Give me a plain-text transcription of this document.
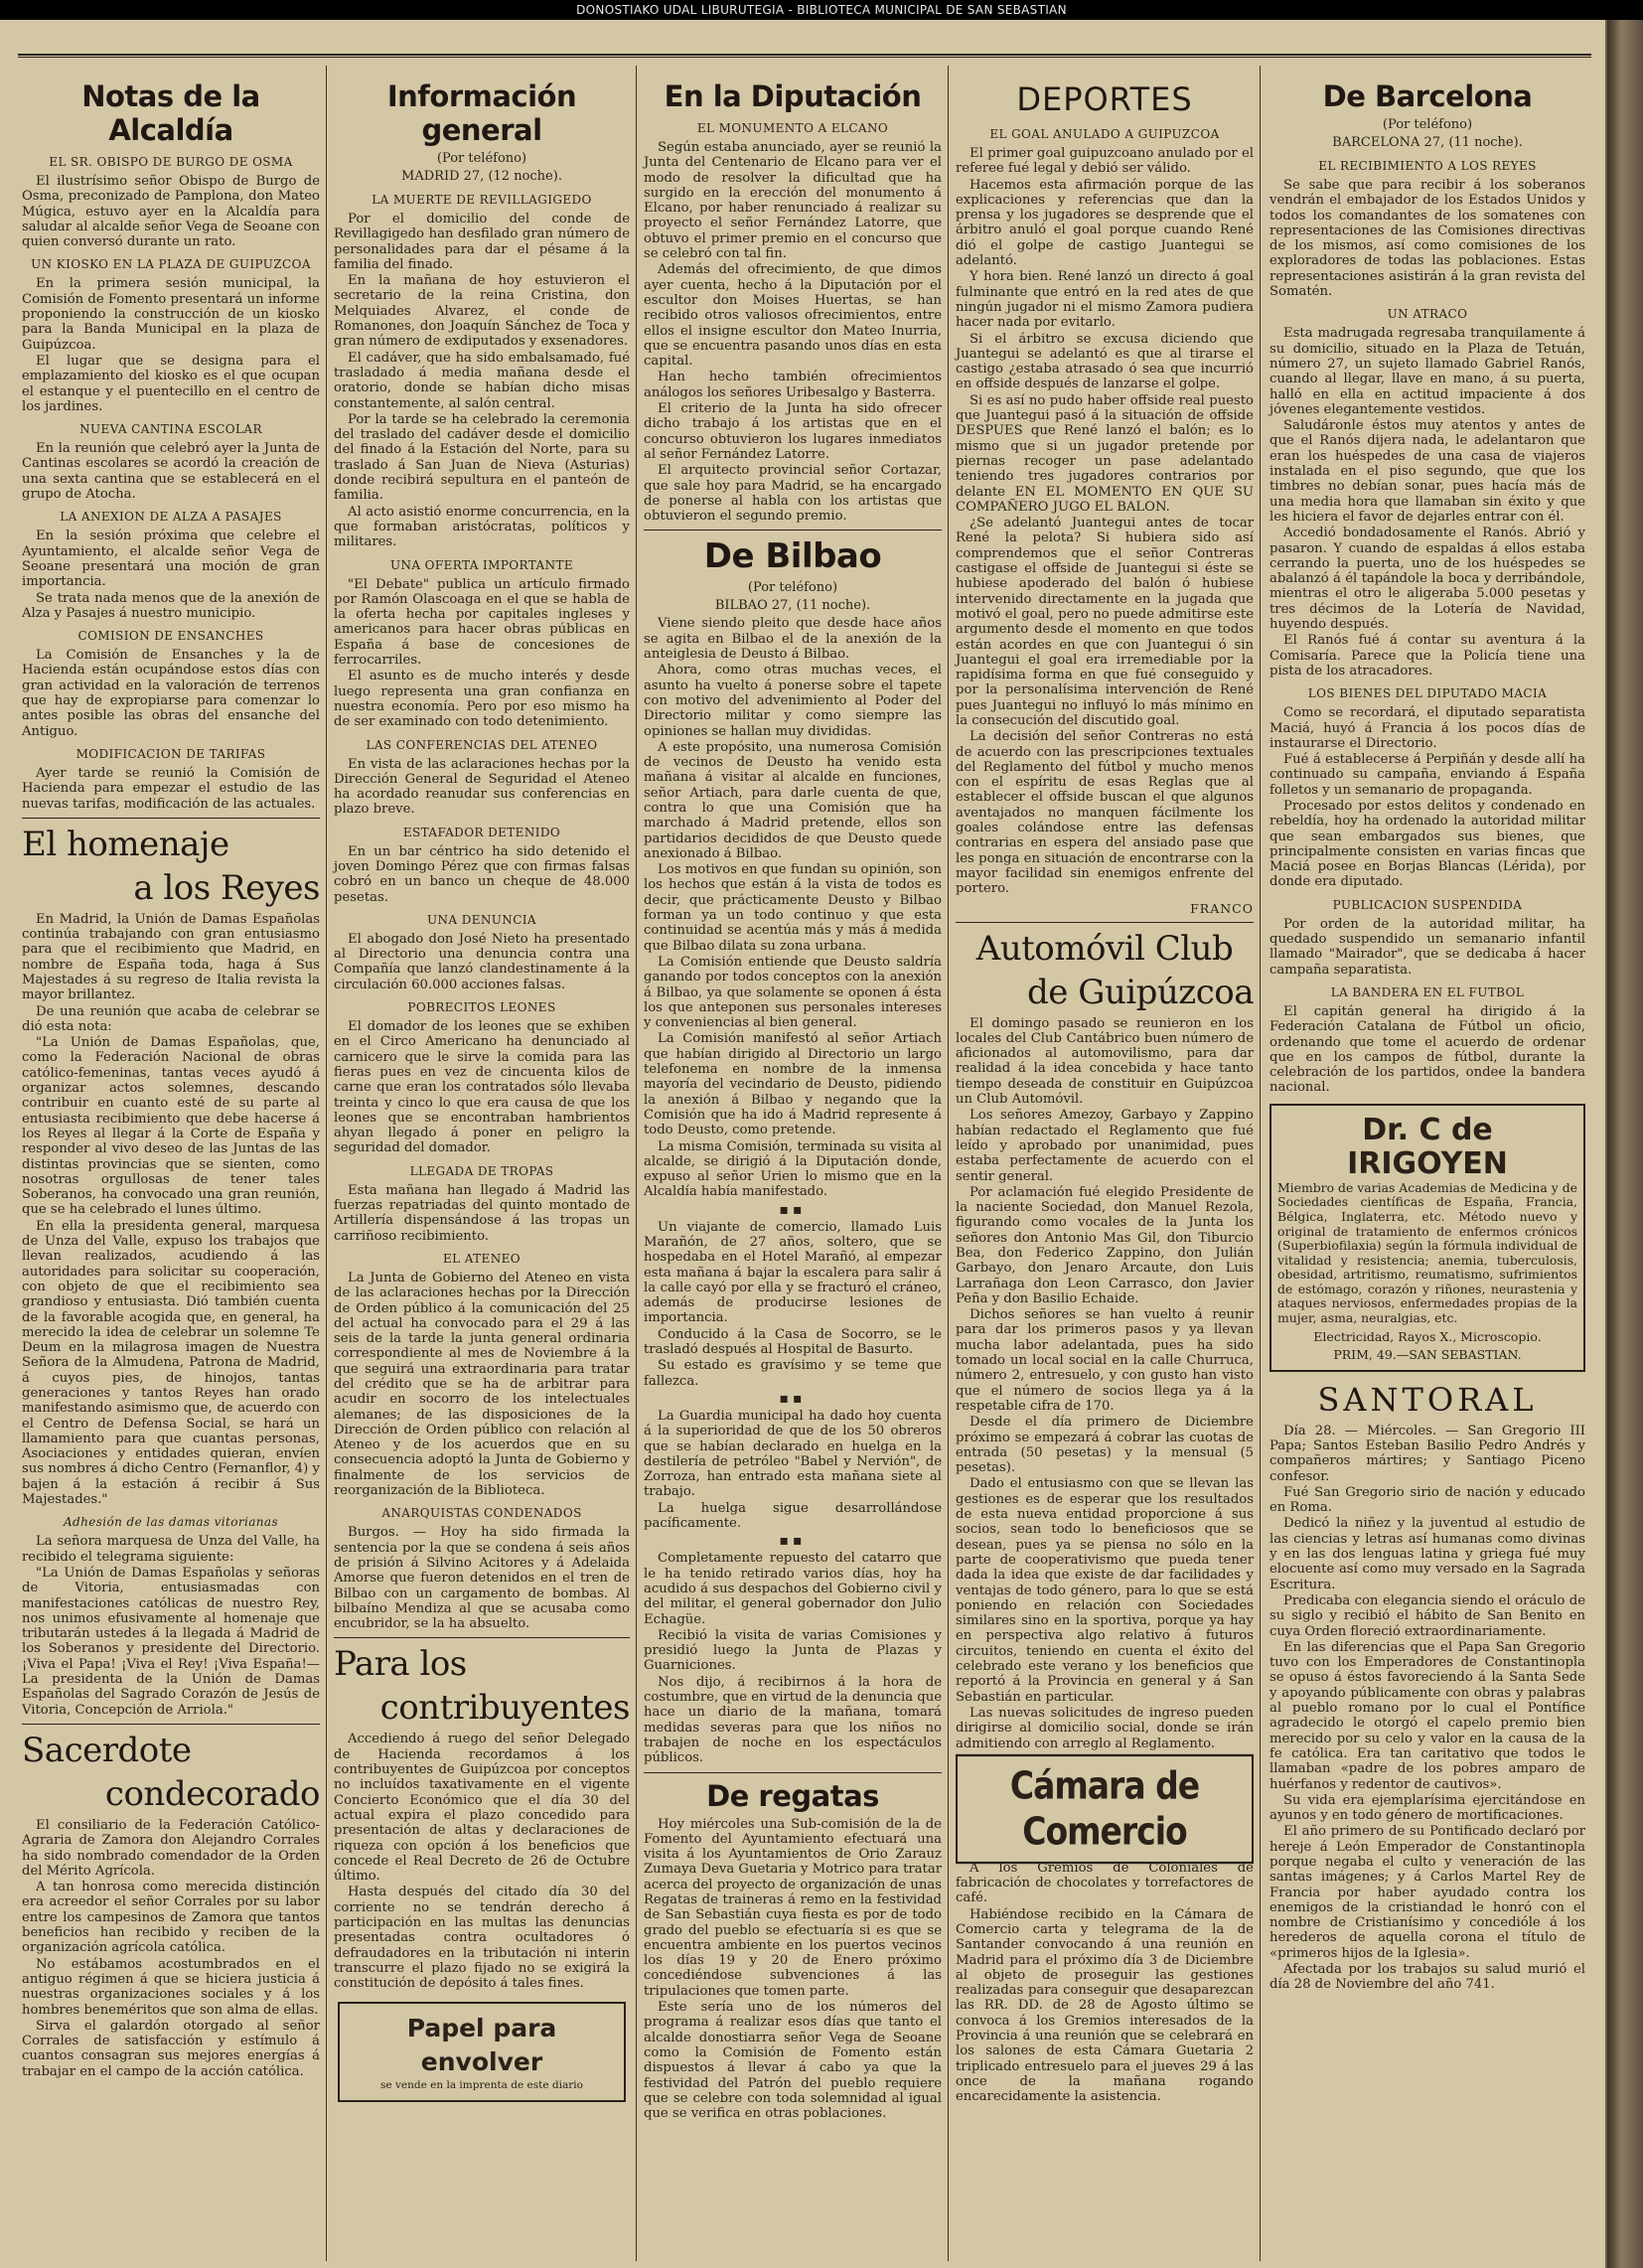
DONOSTIAKO UDAL LIBURUTEGIA - BIBLIOTECA MUNICIPAL DE SAN SEBASTIAN
Notas de la Alcaldía
EL SR. OBISPO DE BURGO DE OSMA

El ilustrísimo señor Obispo de Burgo de Osma, preconizado de Pamplona, don Mateo Múgica, estuvo ayer en la Alcaldía para saludar al alcalde señor Vega de Seoane con quien conversó durante un rato.

UN KIOSKO EN LA PLAZA DE GUIPUZCOA

En la primera sesión municipal, la Comisión de Fomento presentará un informe proponiendo la construcción de un kiosko para la Banda Municipal en la plaza de Guipúzcoa.

El lugar que se designa para el emplazamiento del kiosko es el que ocupan el estanque y el puentecillo en el centro de los jardines.

NUEVA CANTINA ESCOLAR

En la reunión que celebró ayer la Junta de Cantinas escolares se acordó la creación de una sexta cantina que se establecerá en el grupo de Atocha.

LA ANEXION DE ALZA A PASAJES

En la sesión próxima que celebre el Ayuntamiento, el alcalde señor Vega de Seoane presentará una moción de gran importancia.

Se trata nada menos que de la anexión de Alza y Pasajes á nuestro municipio.

COMISION DE ENSANCHES

La Comisión de Ensanches y la de Hacienda están ocupándose estos días con gran actividad en la valoración de terrenos que hay de expropiarse para comenzar lo antes posible las obras del ensanche del Antiguo.

MODIFICACION DE TARIFAS

Ayer tarde se reunió la Comisión de Hacienda para empezar el estudio de las nuevas tarifas, modificación de las actuales.

El homenaje
a los Reyes

En Madrid, la Unión de Damas Españolas continúa trabajando con gran entusiasmo para que el recibimiento que Madrid, en nombre de España toda, haga á Sus Majestades á su regreso de Italia revista la mayor brillantez.

De una reunión que acaba de celebrar se dió esta nota:

"La Unión de Damas Españolas, que, como la Federación Nacional de obras católico-femeninas, tantas veces ayudó á organizar actos solemnes, descando contribuir en cuanto esté de su parte al entusiasta recibimiento que debe hacerse á los Reyes al llegar á la Corte de España y responder al vivo deseo de las Juntas de las distintas provincias que se sienten, como nosotras orgullosas de tener tales Soberanos, ha convocado una gran reunión, que se ha celebrado el lunes último.

En ella la presidenta general, marquesa de Unza del Valle, expuso los trabajos que llevan realizados, acudiendo á las autoridades para solicitar su cooperación, con objeto de que el recibimiento sea grandioso y entusiasta. Dió también cuenta de la favorable acogida que, en general, ha merecido la idea de celebrar un solemne Te Deum en la milagrosa imagen de Nuestra Señora de la Almudena, Patrona de Madrid, á cuyos pies, de hinojos, tantas generaciones y tantos Reyes han orado manifestando asimismo que, de acuerdo con el Centro de Defensa Social, se hará un llamamiento para que cuantas personas, Asociaciones y entidades quieran, envíen sus nombres á dicho Centro (Fernanflor, 4) y bajen á la estación á recibir á Sus Majestades."

Adhesión de las damas vitorianas

La señora marquesa de Unza del Valle, ha recibido el telegrama siguiente:

"La Unión de Damas Españolas y señoras de Vitoria, entusiasmadas con manifestaciones católicas de nuestro Rey, nos unimos efusivamente al homenaje que tributarán ustedes á la llegada á Madrid de los Soberanos y presidente del Directorio. ¡Viva el Papa! ¡Viva el Rey! ¡Viva España!—La presidenta de la Unión de Damas Españolas del Sagrado Corazón de Jesús de Vitoria, Concepción de Arriola."

Sacerdote
condecorado

El consiliario de la Federación Católico-Agraria de Zamora don Alejandro Corrales ha sido nombrado comendador de la Orden del Mérito Agrícola.

A tan honrosa como merecida distinción era acreedor el señor Corrales por su labor entre los campesinos de Zamora que tantos beneficios han recibido y reciben de la organización agrícola católica.

No estábamos acostumbrados en el antiguo régimen á que se hiciera justicia á nuestras organizaciones sociales y á los hombres beneméritos que son alma de ellas.

Sirva el galardón otorgado al señor Corrales de satisfacción y estímulo á cuantos consagran sus mejores energías á trabajar en el campo de la acción católica.

Información general
(Por teléfono)
MADRID 27, (12 noche).
LA MUERTE DE REVILLAGIGEDO

Por el domicilio del conde de Revillagigedo han desfilado gran número de personalidades para dar el pésame á la familia del finado.

En la mañana de hoy estuvieron el secretario de la reina Cristina, don Melquiades Alvarez, el conde de Romanones, don Joaquín Sánchez de Toca y gran número de exdiputados y exsenadores.

El cadáver, que ha sido embalsamado, fué trasladado á media mañana desde el oratorio, donde se habían dicho misas constantemente, al salón central.

Por la tarde se ha celebrado la ceremonia del traslado del cadáver desde el domicilio del finado á la Estación del Norte, para su traslado á San Juan de Nieva (Asturias) donde recibirá sepultura en el panteón de familia.

Al acto asistió enorme concurrencia, en la que formaban aristócratas, políticos y militares.

UNA OFERTA IMPORTANTE

"El Debate" publica un artículo firmado por Ramón Olascoaga en el que se habla de la oferta hecha por capitales ingleses y americanos para hacer obras públicas en España á base de concesiones de ferrocarriles.

El asunto es de mucho interés y desde luego representa una gran confianza en nuestra economía. Pero por eso mismo ha de ser examinado con todo detenimiento.

LAS CONFERENCIAS DEL ATENEO

En vista de las aclaraciones hechas por la Dirección General de Seguridad el Ateneo ha acordado reanudar sus conferencias en plazo breve.

ESTAFADOR DETENIDO

En un bar céntrico ha sido detenido el joven Domingo Pérez que con firmas falsas cobró en un banco un cheque de 48.000 pesetas.

UNA DENUNCIA

El abogado don José Nieto ha presentado al Directorio una denuncia contra una Compañía que lanzó clandestinamente á la circulación 60.000 acciones falsas.

POBRECITOS LEONES

El domador de los leones que se exhiben en el Circo Americano ha denunciado al carnicero que le sirve la comida para las fieras pues en vez de cincuenta kilos de carne que eran los contratados sólo llevaba treinta y cinco lo que era causa de que los leones que se encontraban hambrientos ahyan llegado á poner en peligro la seguridad del domador.

LLEGADA DE TROPAS

Esta mañana han llegado á Madrid las fuerzas repatriadas del quinto montado de Artillería dispensándose á las tropas un carriñoso recibimiento.

EL ATENEO

La Junta de Gobierno del Ateneo en vista de las aclaraciones hechas por la Dirección de Orden público á la comunicación del 25 del actual ha convocado para el 29 á las seis de la tarde la junta general ordinaria correspondiente al mes de Noviembre á la que seguirá una extraordinaria para tratar del crédito que se ha de arbitrar para acudir en socorro de los intelectuales alemanes; de las disposiciones de la Dirección de Orden público con relación al Ateneo y de los acuerdos que en su consecuencia adoptó la Junta de Gobierno y finalmente de los servicios de reorganización de la Biblioteca.

ANARQUISTAS CONDENADOS

Burgos. — Hoy ha sido firmada la sentencia por la que se condena á seis años de prisión á Silvino Acitores y á Adelaida Amorse que fueron detenidos en el tren de Bilbao con un cargamento de bombas. Al bilbaíno Mendiza al que se acusaba como encubridor, se la ha absuelto.

Para los
contribuyentes

Accediendo á ruego del señor Delegado de Hacienda recordamos á los contribuyentes de Guipúzcoa por conceptos no incluídos taxativamente en el vigente Concierto Económico que el día 30 del actual expira el plazo concedido para presentación de altas y declaraciones de riqueza con opción á los beneficios que concede el Real Decreto de 26 de Octubre último.

Hasta después del citado día 30 del corriente no se tendrán derecho á participación en las multas las denuncias presentadas contra ocultadores ó defraudadores en la tributación ni interin transcurre el plazo fijado no se exigirá la constitución de depósito á tales fines.

Papel para envolver
se vende en la imprenta de este diario
En la Diputación
EL MONUMENTO A ELCANO

Según estaba anunciado, ayer se reunió la Junta del Centenario de Elcano para ver el modo de resolver la dificultad que ha surgido en la erección del monumento á Elcano, por haber renunciado á realizar su proyecto el señor Fernández Latorre, que obtuvo el primer premio en el concurso que se celebró con tal fin.

Además del ofrecimiento, de que dimos ayer cuenta, hecho á la Diputación por el escultor don Moises Huertas, se han recibido otros valiosos ofrecimientos, entre ellos el insigne escultor don Mateo Inurria, que se encuentra pasando unos días en esta capital.

Han hecho también ofrecimientos análogos los señores Uribesalgo y Basterra.

El criterio de la Junta ha sido ofrecer dicho trabajo á los artistas que en el concurso obtuvieron los lugares inmediatos al señor Fernández Latorre.

El arquitecto provincial señor Cortazar, que sale hoy para Madrid, se ha encargado de ponerse al habla con los artistas que obtuvieron el segundo premio.

De Bilbao
(Por teléfono)
BILBAO 27, (11 noche).

Viene siendo pleito que desde hace años se agita en Bilbao el de la anexión de la anteiglesia de Deusto á Bilbao.

Ahora, como otras muchas veces, el asunto ha vuelto á ponerse sobre el tapete con motivo del advenimiento al Poder del Directorio militar y como siempre las opiniones se hallan muy divididas.

A este propósito, una numerosa Comisión de vecinos de Deusto ha venido esta mañana á visitar al alcalde en funciones, señor Artiach, para darle cuenta de que, contra lo que una Comisión que ha marchado á Madrid pretende, ellos son partidarios decididos de que Deusto quede anexionado á Bilbao.

Los motivos en que fundan su opinión, son los hechos que están á la vista de todos es decir, que prácticamente Deusto y Bilbao forman ya un todo continuo y que esta continuidad se acentúa más y más á medida que Bilbao dilata su zona urbana.

La Comisión entiende que Deusto saldría ganando por todos conceptos con la anexión á Bilbao, ya que solamente se oponen á ésta los que anteponen sus personales intereses y conveniencias al bien general.

La Comisión manifestó al señor Artiach que habían dirigido al Directorio un largo telefonema en nombre de la inmensa mayoría del vecindario de Deusto, pidiendo la anexión á Bilbao y negando que la Comisión que ha ido á Madrid represente á todo Deusto, como pretende.

La misma Comisión, terminada su visita al alcalde, se dirigió á la Diputación donde, expuso al señor Urien lo mismo que en la Alcaldía había manifestado.

▪▪

Un viajante de comercio, llamado Luis Marañón, de 27 años, soltero, que se hospedaba en el Hotel Marañó, al empezar esta mañana á bajar la escalera para salir á la calle cayó por ella y se fracturó el cráneo, además de producirse lesiones de importancia.

Conducido á la Casa de Socorro, se le trasladó después al Hospital de Basurto.

Su estado es gravísimo y se teme que fallezca.

▪▪

La Guardia municipal ha dado hoy cuenta á la superioridad de que de los 50 obreros que se habían declarado en huelga en la destilería de petróleo "Babel y Nervión", de Zorroza, han entrado esta mañana siete al trabajo.

La huelga sigue desarrollándose pacíficamente.

▪▪

Completamente repuesto del catarro que le ha tenido retirado varios días, hoy ha acudido á sus despachos del Gobierno civil y del militar, el general gobernador don Julio Echagüe.

Recibió la visita de varias Comisiones y presidió luego la Junta de Plazas y Guarniciones.

Nos dijo, á recibirnos á la hora de costumbre, que en virtud de la denuncia que hace un diario de la mañana, tomará medidas severas para que los niños no trabajen de noche en los espectáculos públicos.

De regatas

Hoy miércoles una Sub-comisión de la de Fomento del Ayuntamiento efectuará una visita á los Ayuntamientos de Orio Zarauz Zumaya Deva Guetaria y Motrico para tratar acerca del proyecto de organización de unas Regatas de traineras á remo en la festividad de San Sebastián cuya fiesta es por de todo grado del pueblo se efectuaría si es que se encuentra ambiente en los puertos vecinos los días 19 y 20 de Enero próximo concediéndose subvenciones á las tripulaciones que tomen parte.

Este sería uno de los números del programa á realizar esos días que tanto el alcalde donostiarra señor Vega de Seoane como la Comisión de Fomento están dispuestos á llevar á cabo ya que la festividad del Patrón del pueblo requiere que se celebre con toda solemnidad al igual que se verifica en otras poblaciones.

DEPORTES
EL GOAL ANULADO A GUIPUZCOA

El primer goal guipuzcoano anulado por el referee fué legal y debió ser válido.

Hacemos esta afirmación porque de las explicaciones y referencias que dan la prensa y los jugadores se desprende que el árbitro anuló el goal porque cuando René dió el golpe de castigo Juantegui se adelantó.

Y hora bien. René lanzó un directo á goal fulminante que entró en la red ates de que ningún jugador ni el mismo Zamora pudiera hacer nada por evitarlo.

Si el árbitro se excusa diciendo que Juantegui se adelantó es que al tirarse el castigo ¿estaba atrasado ó sea que incurrió en offside después de lanzarse el golpe.

Si es así no pudo haber offside real puesto que Juantegui pasó á la situación de offside DESPUES que René lanzó el balón; es lo mismo que si un jugador pretende por piernas recoger un pase adelantado teniendo tres jugadores contrarios por delante EN EL MOMENTO EN QUE SU COMPAÑERO JUGO EL BALON.

¿Se adelantó Juantegui antes de tocar René la pelota? Si hubiera sido así comprendemos que el señor Contreras castigase el offside de Juantegui si éste se hubiese apoderado del balón ó hubiese intervenido directamente en la jugada que motivó el goal, pero no puede admitirse este argumento desde el momento en que todos están acordes en que con Juantegui ó sin Juantegui el goal era irremediable por la rapidísima forma en que fué conseguido y por la personalísima intervención de René pues Juantegui no influyó lo más mínimo en la consecución del discutido goal.

La decisión del señor Contreras no está de acuerdo con las prescripciones textuales del Reglamento del fútbol y mucho menos con el espíritu de esas Reglas que al establecer el offside buscan el que algunos aventajados no manquen fácilmente los goales colándose entre las defensas contrarias en espera del ansiado pase que les ponga en situación de encontrarse con la mayor facilidad sin enemigos enfrente del portero.

FRANCO
Automóvil Club
de Guipúzcoa

El domingo pasado se reunieron en los locales del Club Cantábrico buen número de aficionados al automovilismo, para dar realidad á la idea concebida y hace tanto tiempo deseada de constituir en Guipúzcoa un Club Automóvil.

Los señores Amezoy, Garbayo y Zappino habían redactado el Reglamento que fué leído y aprobado por unanimidad, pues estaba perfectamente de acuerdo con el sentir general.

Por aclamación fué elegido Presidente de la naciente Sociedad, don Manuel Rezola, figurando como vocales de la Junta los señores don Antonio Mas Gil, don Tiburcio Bea, don Federico Zappino, don Julián Garbayo, don Jenaro Arcaute, don Luis Larrañaga don Leon Carrasco, don Javier Peña y don Basilio Echaide.

Dichos señores se han vuelto á reunir para dar los primeros pasos y ya llevan mucha labor adelantada, pues ha sido tomado un local social en la calle Churruca, número 2, entresuelo, y con gusto han visto que el número de socios llega ya á la respetable cifra de 170.

Desde el día primero de Diciembre próximo se empezará á cobrar las cuotas de entrada (50 pesetas) y la mensual (5 pesetas).

Dado el entusiasmo con que se llevan las gestiones es de esperar que los resultados de esta nueva entidad proporcione á sus socios, sean todo lo beneficiosos que se desean, pues ya se piensa no sólo en la parte de cooperativismo que pueda tener dada la idea que existe de dar facilidades y ventajas de todo género, para lo que se está poniendo en relación con Sociedades similares sino en la sportiva, porque ya hay en perspectiva algo relativo á futuros circuitos, teniendo en cuenta el éxito del celebrado este verano y los beneficios que reportó á la Provincia en general y á San Sebastián en particular.

Las nuevas solicitudes de ingreso pueden dirigirse al domicilio social, donde se irán admitiendo con arreglo al Reglamento.

Cámara de Comercio

A los Gremios de Coloniales de fabricación de chocolates y torrefactores de café.

Habiéndose recibido en la Cámara de Comercio carta y telegrama de la de Santander convocando á una reunión en Madrid para el próximo día 3 de Diciembre al objeto de proseguir las gestiones realizadas para conseguir que desaparezcan las RR. DD. de 28 de Agosto último se convoca á los Gremios interesados de la Provincia á una reunión que se celebrará en los salones de esta Cámara Guetaria 2 triplicado entresuelo para el jueves 29 á las once de la mañana rogando encarecidamente la asistencia.

De Barcelona
(Por teléfono)
BARCELONA 27, (11 noche).
EL RECIBIMIENTO A LOS REYES

Se sabe que para recibir á los soberanos vendrán el embajador de los Estados Unidos y todos los comandantes de los somatenes con representaciones de las Comisiones directivas de los mismos, así como comisiones de los exploradores de todas las poblaciones. Estas representaciones asistirán á la gran revista del Somatén.

UN ATRACO

Esta madrugada regresaba tranquilamente á su domicilio, situado en la Plaza de Tetuán, número 27, un sujeto llamado Gabriel Ranós, cuando al llegar, llave en mano, á su puerta, halló en ella en actitud impaciente á dos jóvenes elegantemente vestidos.

Saludáronle éstos muy atentos y antes de que el Ranós dijera nada, le adelantaron que eran los huéspedes de una casa de viajeros instalada en el piso segundo, que que los timbres no debían sonar, pues hacía más de una media hora que llamaban sin éxito y que les hiciera el favor de dejarles entrar con él.

Accedió bondadosamente el Ranós. Abrió y pasaron. Y cuando de espaldas á ellos estaba cerrando la puerta, uno de los huéspedes se abalanzó á él tapándole la boca y derribándole, mientras el otro le aligeraba 5.000 pesetas y tres décimos de la Lotería de Navidad, huyendo después.

El Ranós fué á contar su aventura á la Comisaría. Parece que la Policía tiene una pista de los atracadores.

LOS BIENES DEL DIPUTADO MACIA

Como se recordará, el diputado separatista Maciá, huyó á Francia á los pocos días de instaurarse el Directorio.

Fué á establecerse á Perpiñán y desde allí ha continuado su campaña, enviando á España folletos y un semanario de propaganda.

Procesado por estos delitos y condenado en rebeldía, hoy ha ordenado la autoridad militar que sean embargados sus bienes, que principalmente consisten en varias fincas que Maciá posee en Borjas Blancas (Lérida), por donde era diputado.

PUBLICACION SUSPENDIDA

Por orden de la autoridad militar, ha quedado suspendido un semanario infantil llamado "Mairador", que se dedicaba á hacer campaña separatista.

LA BANDERA EN EL FUTBOL

El capitán general ha dirigido á la Federación Catalana de Fútbol un oficio, ordenando que tome el acuerdo de ordenar que en los campos de fútbol, durante la celebración de los partidos, ondee la bandera nacional.

Dr. C de IRIGOYEN
Miembro de varias Academias de Medicina y de Sociedades científicas de España, Francia, Bélgica, Inglaterra, etc. Método nuevo y original de tratamiento de enfermos crónicos (Superbiofilaxia) según la fórmula individual de vitalidad y resistencia; anemia, tuberculosis, obesidad, artritismo, reumatismo, sufrimientos de estómago, corazón y riñones, neurastenia y ataques nerviosos, enfermedades propias de la mujer, asma, neuralgias, etc.
Electricidad, Rayos X., Microscopio.
PRIM, 49.—SAN SEBASTIAN.
SANTORAL

Día 28. — Miércoles. — San Gregorio III Papa; Santos Esteban Basilio Pedro Andrés y compañeros mártires; y Santiago Piceno confesor.

Fué San Gregorio sirio de nación y educado en Roma.

Dedicó la niñez y la juventud al estudio de las ciencias y letras así humanas como divinas y en las dos lenguas latina y griega fué muy elocuente así como muy versado en la Sagrada Escritura.

Predicaba con elegancia siendo el oráculo de su siglo y recibió el hábito de San Benito en cuya Orden floreció extraordinariamente.

En las diferencias que el Papa San Gregorio tuvo con los Emperadores de Constantinopla se opuso á éstos favoreciendo á la Santa Sede y apoyando públicamente con obras y palabras al pueblo romano por lo cual el Pontífice agradecido le otorgó el capelo premio bien merecido por su celo y valor en la causa de la fe católica. Era tan caritativo que todos le llamaban «padre de los pobres amparo de huérfanos y redentor de cautivos».

Su vida era ejemplarísima ejercitándose en ayunos y en todo género de mortificaciones.

El año primero de su Pontificado declaró por hereje á León Emperador de Constantinopla porque negaba el culto y veneración de las santas imágenes; y á Carlos Martel Rey de Francia por haber ayudado contra los enemigos de la cristiandad le honró con el nombre de Cristianísimo y concedióle á los herederos de aquella corona el título de «primeros hijos de la Iglesia».

Afectada por los trabajos su salud murió el día 28 de Noviembre del año 741.
